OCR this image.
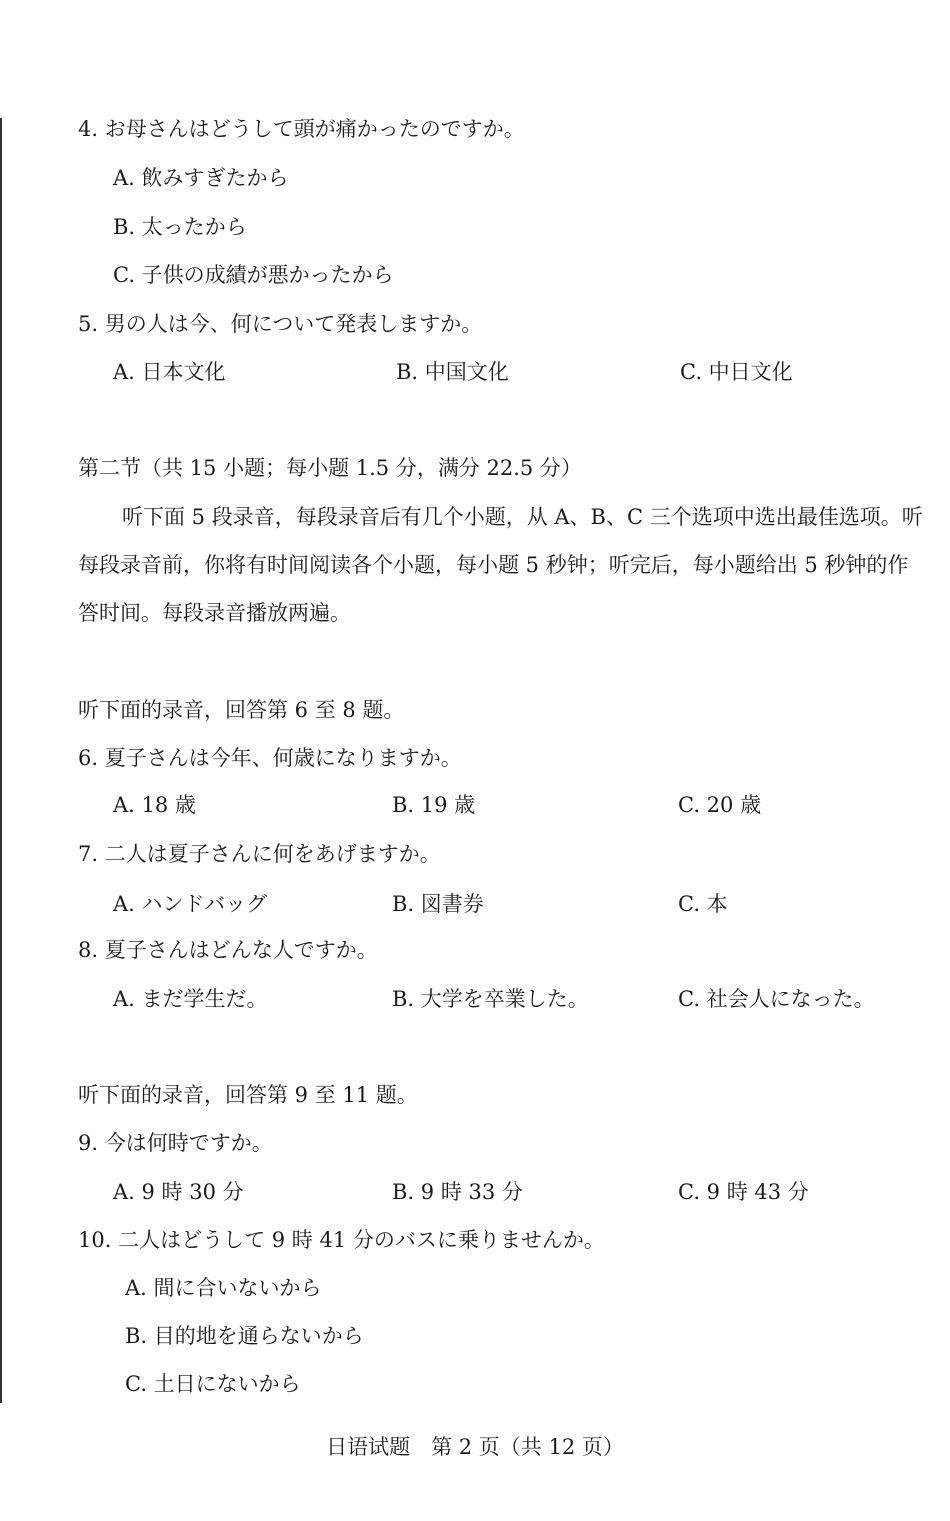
4. お母さんはどうして頭が痛かったのですか。
A. 飲みすぎたから
B. 太ったから
C. 子供の成績が悪かったから
5. 男の人は今、何について発表しますか。
A. 日本文化	B. 中国文化	C. 中日文化
第二节（共 15 小题；每小题 1.5 分，满分 22.5 分）
听下面 5 段录音，每段录音后有几个小题，从 A、B、C 三个选项中选出最佳选项。听每段录音前，你将有时间阅读各个小题，每小题 5 秒钟；听完后，每小题给出 5 秒钟的作答时间。每段录音播放两遍。
听下面的录音，回答第 6 至 8 题。
6. 夏子さんは今年、何歳になりますか。
A. 18 歳	B. 19 歳	C. 20 歳
7. 二人は夏子さんに何をあげますか。
A. ハンドバッグ	B. 図書券	C. 本
8. 夏子さんはどんな人ですか。
A. まだ学生だ。	B. 大学を卒業した。	C. 社会人になった。
听下面的录音，回答第 9 至 11 题。
9. 今は何時ですか。
A. 9 時 30 分	B. 9 時 33 分	C. 9 時 43 分
10. 二人はどうして 9 時 41 分のバスに乗りませんか。
A. 間に合いないから
B. 目的地を通らないから
C. 土日にないから
日语试题　第 2 页（共 12 页）
